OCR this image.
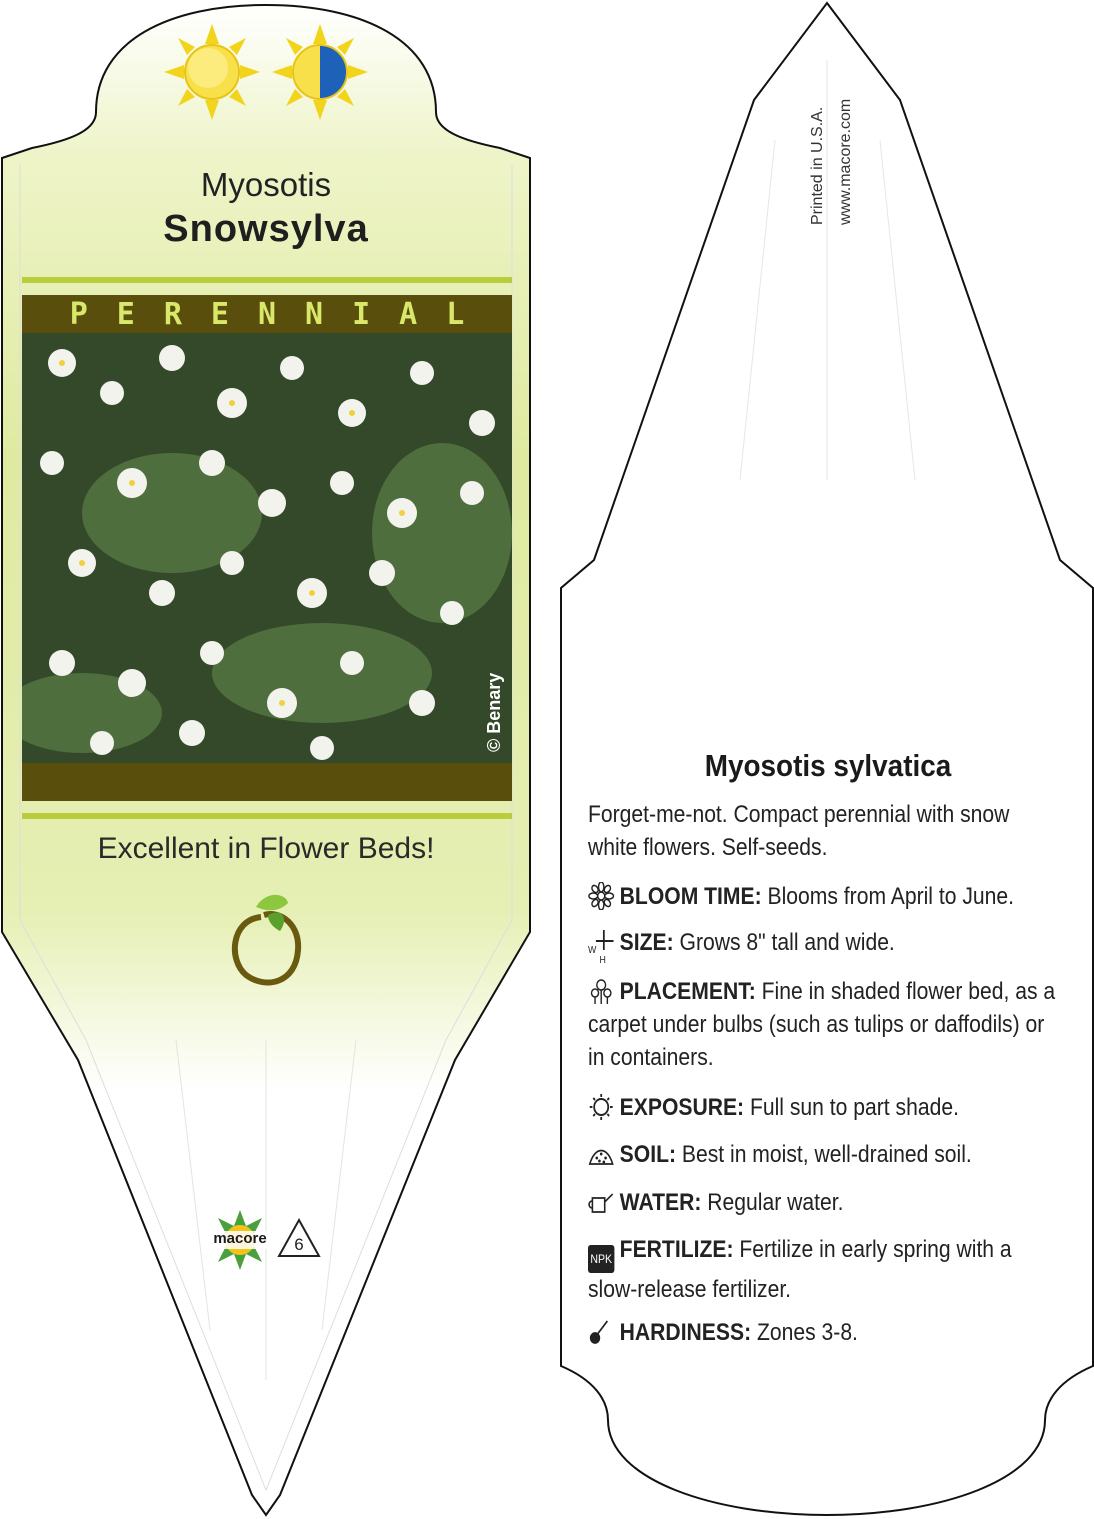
Myosotis
Snowsylva
PERENNIAL
© Benary
Excellent in Flower Beds!
macore	6
Printed in U.S.A. www.macore.com
Myosotis sylvatica
Forget-me-not. Compact perennial with snow
white flowers. Self-seeds.
BLOOM TIME: Blooms from April to June.
W
H
SIZE: Grows 8" tall and wide.
PLACEMENT: Fine in shaded flower bed, as a
carpet under bulbs (such as tulips or daffodils) or
in containers.
EXPOSURE: Full sun to part shade.
SOIL: Best in moist, well-drained soil.
WATER: Regular water.
NPK FERTILIZE: Fertilize in early spring with a
slow-release fertilizer.
HARDINESS: Zones 3-8.
